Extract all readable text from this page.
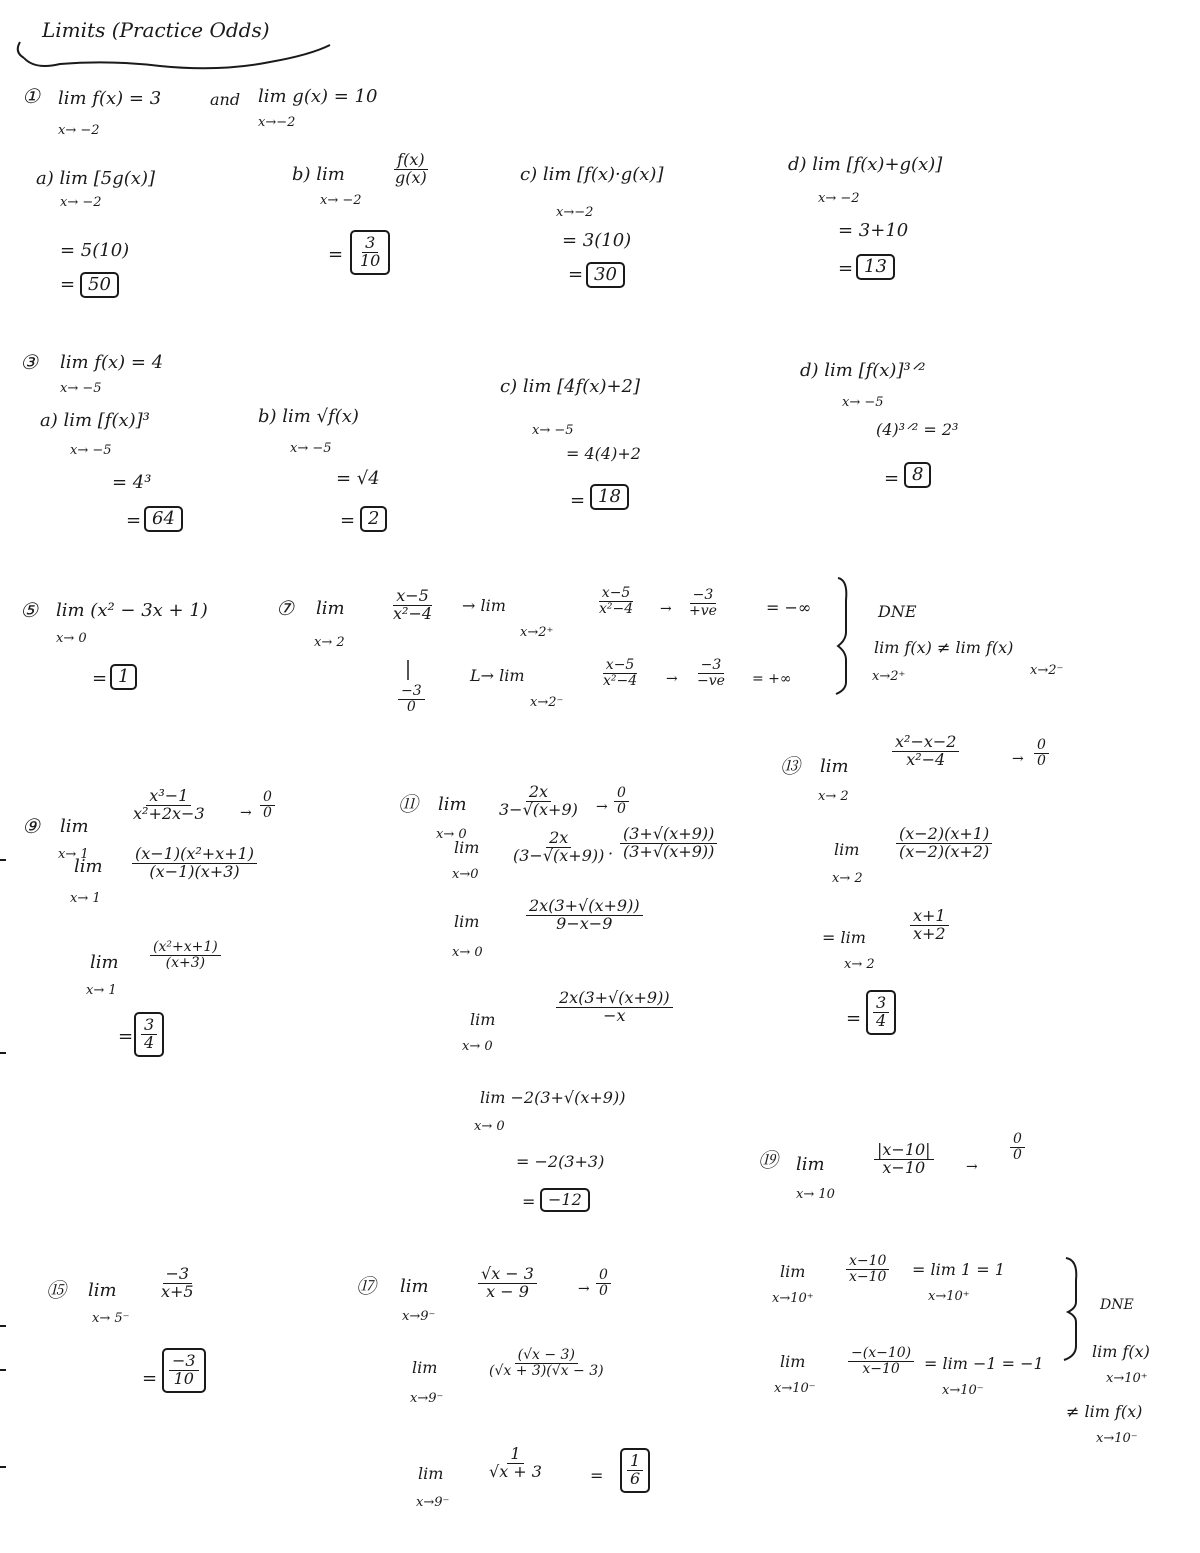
Limits (Practice Odds)
① lim f(x) = 3
x→ −2
and lim g(x) = 10
x→−2
a) lim [5g(x)]
x→ −2
= 5(10)
= 50
b) lim
x→ −2
$\frac{f(x)}{g(x)}$
= $\frac{3}{10}$
c) lim [f(x)·g(x)]
x→−2
= 3(10)
= 30
d) lim [f(x)+g(x)]
x→ −2
= 3+10
= 13
③ lim f(x) = 4
x→ −5
a) lim [f(x)]³
x→ −5
= 4³
= 64
b) lim √f(x)
x→ −5
= √4
= 2
c) lim [4f(x)+2]
x→ −5
= 4(4)+2
= 18
d) lim [f(x)]³ᐟ²
x→ −5
(4)³ᐟ² = 2³
= 8
⑤ lim (x² − 3x + 1)
x→ 0
= 1
⑦ lim
x→ 2
$\frac{x-5}{\text{x²−4}}$
$\frac{-3}{0}$
→ lim
x→2⁺
$\frac{x-5}{\text{x²−4}} \to \frac{-3}{+ve}$	= −∞
L→ lim
x→2⁻
$\frac{x-5}{\text{x²−4}} \to \frac{-3}{-ve}$ = +∞
DNE
lim f(x) ≠ lim f(x)
x→2⁺	x→2⁻
⑨ lim
x→ 1
$\frac{\text{x³−1}}{\text{x²+2x−3}} \to \frac{0}{0}$
lim
x→ 1
$\frac{\text{(x−1)(x²+x+1)}}{(x-1)(x+3)}$
lim
x→ 1
$\frac{\text{(x²+x+1)}}{(x+3)}$
= $\frac{3}{4}$
⑪ lim
x→ 0
$\frac{2x}{3-√(x+9)} \to \frac{0}{0}$
lim
x→0
$\frac{2x}{(3-√(x+9))} \cdot \frac{(3+√(x+9))}{(3+√(x+9))}$
lim
x→ 0
$\frac{2x(3+√(x+9))}{9-x-9}$
lim
x→ 0
$\frac{2x(3+√(x+9))}{-x}$
lim −2(3+√(x+9))
x→ 0
= −2(3+3)
= −12
⑬ lim
x→ 2
$\frac{\text{x²−x−2}}{\text{x²−4}}$	→ $\frac{0}{0}$
lim
x→ 2
$\frac{(x-2)(x+1)}{(x-2)(x+2)}$
= lim
x→ 2
$\frac{x+1}{x+2}$
= $\frac{3}{4}$
⑮ lim
x→ 5⁻
$\frac{-3}{x+5}$
= $\frac{-3}{10}$
⑰ lim
x→9⁻
$\frac{√x - 3}{x - 9}$	→ $\frac{0}{0}$
lim
x→9⁻
$\frac{(√x - 3)}{(√x + 3)(√x - 3)}$
lim
x→9⁻
$\frac{1}{√x + 3}$	= $\frac{1}{6}$
⑲ lim
x→ 10
$\frac{|x-10|}{x-10}$ →
$\frac{0}{0}$
lim
x→10⁺
$\frac{x-10}{x-10} = \lim 1 = 1$
x→10⁺
lim
x→10⁻
$\frac{-(x-10)}{x-10} = \lim -1 = -1$
x→10⁻
DNE
lim f(x)
x→10⁺
≠ lim f(x)
x→10⁻
